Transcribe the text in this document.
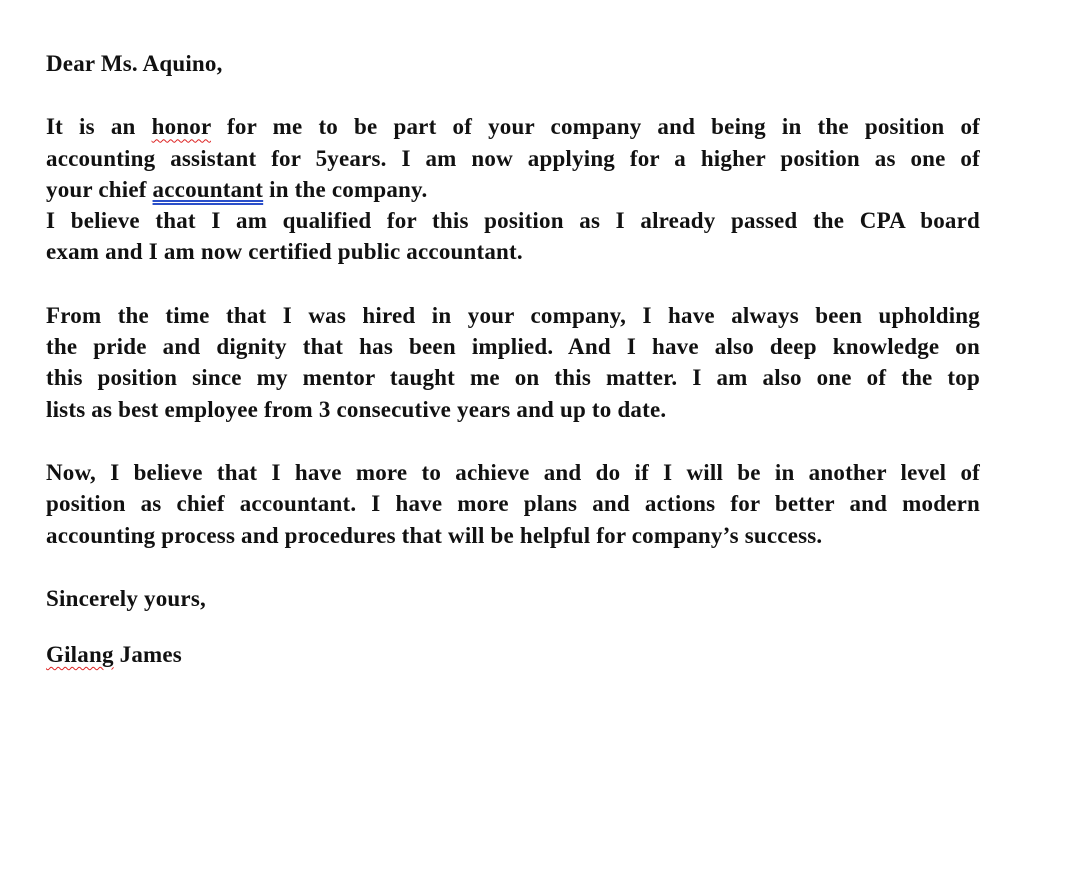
Dear Ms. Aquino,
It is an honor for me to be part of your company and being in the position of
accounting assistant for 5years. I am now applying for a higher position as one of
your chief accountant in the company.
I believe that I am qualified for this position as I already passed the CPA board
exam and I am now certified public accountant.
From the time that I was hired in your company, I have always been upholding
the pride and dignity that has been implied. And I have also deep knowledge on
this position since my mentor taught me on this matter. I am also one of the top
lists as best employee from 3 consecutive years and up to date.
Now, I believe that I have more to achieve and do if I will be in another level of
position as chief accountant. I have more plans and actions for better and modern
accounting process and procedures that will be helpful for company’s success.
Sincerely yours,
Gilang James
